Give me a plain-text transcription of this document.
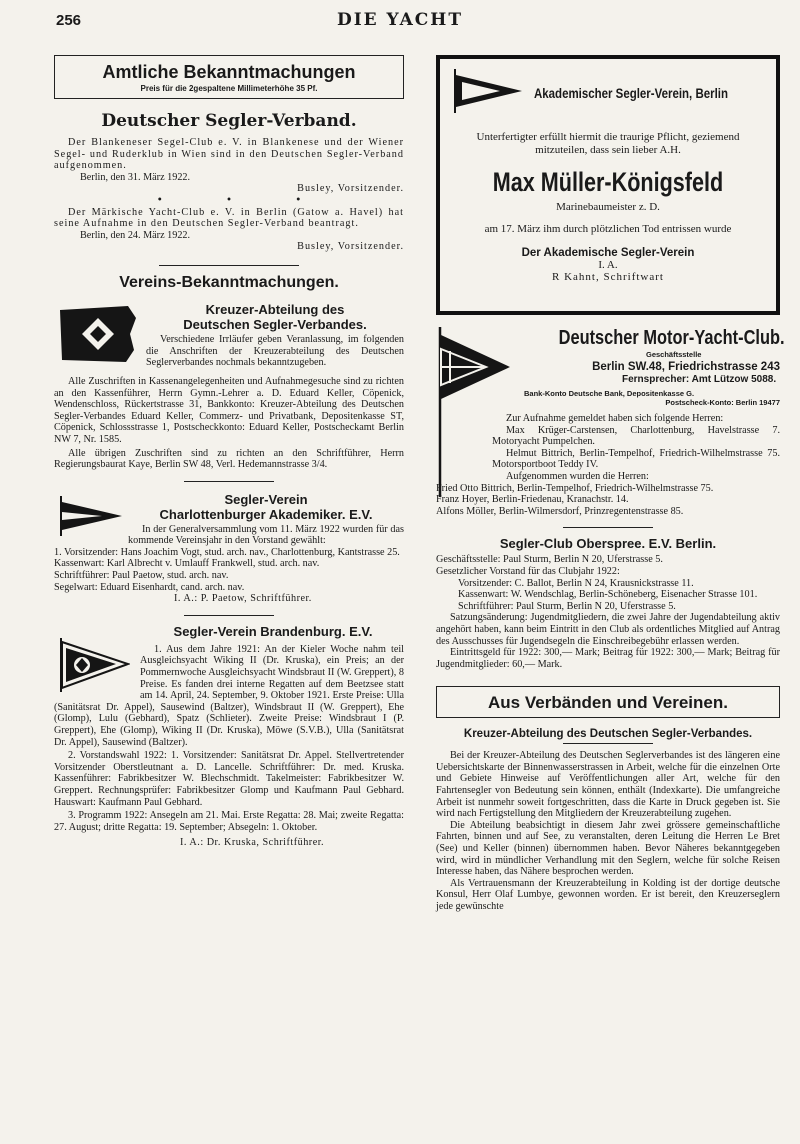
256	DIE YACHT
Amtliche Bekanntmachungen
Preis für die 2gespaltene Millimeterhöhe 35 Pf.
Deutscher Segler-Verband.

Der Blankeneser Segel-Club e. V. in Blankenese und der Wiener Segel- und Ruderklub in Wien sind in den Deutschen Segler-Verband aufgenommen.

Berlin, den 31. März 1922.

Busley, Vorsitzender.

• • •

Der Märkische Yacht-Club e. V. in Berlin (Gatow a. Havel) hat seine Aufnahme in den Deutschen Segler-Verband beantragt.

Berlin, den 24. März 1922.

Busley, Vorsitzender.

Vereins-Bekanntmachungen.
Kreuzer-Abteilung des
Deutschen Segler-Verbandes.

Verschiedene Irrläufer geben Veranlassung, im folgenden die Anschriften der Kreuzerabteilung des Deutschen Seglerverbandes nochmals bekanntzugeben.

Alle Zuschriften in Kassenangelegenheiten und Aufnahmegesuche sind zu richten an den Kassenführer, Herrn Gymn.-Lehrer a. D. Eduard Keller, Cöpenick, Wendenschloss, Rückertstrasse 31, Bankkonto: Kreuzer-Abteilung des Deutschen Segler-Verbandes Eduard Keller, Commerz- und Privatbank, Depositenkasse ST, Cöpenick, Schlossstrasse 1, Postscheckkonto: Eduard Keller, Postscheckamt Berlin NW 7, Nr. 1585.

Alle übrigen Zuschriften sind zu richten an den Schriftführer, Herrn Regierungsbaurat Kaye, Berlin SW 48, Verl. Hedemannstrasse 3/4.

Segler-Verein
Charlottenburger Akademiker. E.V.

In der Generalversammlung vom 11. März 1922 wurden für das kommende Vereinsjahr in den Vorstand gewählt:

1. Vorsitzender: Hans Joachim Vogt, stud. arch. nav., Charlottenburg, Kantstrasse 25.

Kassenwart: Karl Albrecht v. Umlauff Frankwell, stud. arch. nav.

Schriftführer: Paul Paetow, stud. arch. nav.

Segelwart: Eduard Eisenhardt, cand. arch. nav.

I. A.: P. Paetow, Schriftführer.

Segler-Verein Brandenburg. E.V.

1. Aus dem Jahre 1921: An der Kieler Woche nahm teil Ausgleichsyacht Wiking II (Dr. Kruska), ein Preis; an der Pommernwoche Ausgleichsyacht Windsbraut II (W. Greppert), 8 Preise. Es fanden drei interne Regatten auf dem Beetzsee statt am 14. April, 24. September, 9. Oktober 1921. Erste Preise: Ulla (Sanitätsrat Dr. Appel), Sausewind (Baltzer), Windsbraut II (W. Greppert), Ehe (Glomp), Lulu (Gebhard), Spatz (Schlieter). Zweite Preise: Windsbraut I (P. Greppert), Ehe (Glomp), Wiking II (Dr. Kruska), Möwe (S.V.B.), Ulla (Sanitätsrat Dr. Appel), Sausewind (Baltzer).

2. Vorstandswahl 1922: 1. Vorsitzender: Sanitätsrat Dr. Appel. Stellvertretender Vorsitzender Oberstleutnant a. D. Lancelle. Schriftführer: Dr. med. Kruska. Kassenführer: Fabrikbesitzer W. Blechschmidt. Takelmeister: Fabrikbesitzer W. Greppert. Rechnungsprüfer: Fabrikbesitzer Glomp und Kaufmann Paul Gebhard. Hauswart: Kaufmann Paul Gebhard.

3. Programm 1922: Ansegeln am 21. Mai. Erste Regatta: 28. Mai; zweite Regatta: 27. August; dritte Regatta: 19. September; Absegeln: 1. Oktober.

I. A.: Dr. Kruska, Schriftführer.

Akademischer Segler-Verein, Berlin

Unterfertigter erfüllt hiermit die traurige Pflicht, geziemend mitzuteilen, dass sein lieber A.H.

Max Müller-Königsfeld

Marinebaumeister z. D.

am 17. März ihm durch plötzlichen Tod entrissen wurde

Der Akademische Segler-Verein

I. A.

R Kahnt, Schriftwart

Deutscher Motor-Yacht-Club.
Geschäftsstelle
Berlin SW.48, Friedrichstrasse 243
Fernsprecher: Amt Lützow 5088.
Bank-Konto Deutsche Bank, Depositenkasse G.
Postscheck-Konto: Berlin 19477

Zur Aufnahme gemeldet haben sich folgende Herren:

Max Krüger-Carstensen, Charlottenburg, Havelstrasse 7. Motoryacht Pumpelchen.

Helmut Bittrich, Berlin-Tempelhof, Friedrich-Wilhelmstrasse 75. Motorsportboot Teddy IV.

Aufgenommen wurden die Herren:

Fried Otto Bittrich, Berlin-Tempelhof, Friedrich-Wilhelmstrasse 75.

Franz Hoyer, Berlin-Friedenau, Kranachstr. 14.

Alfons Möller, Berlin-Wilmersdorf, Prinzregentenstrasse 85.

Segler-Club Oberspree. E.V. Berlin.

Geschäftsstelle: Paul Sturm, Berlin N 20, Uferstrasse 5.

Gesetzlicher Vorstand für das Clubjahr 1922:

Vorsitzender: C. Ballot, Berlin N 24, Krausnickstrasse 11.

Kassenwart: W. Wendschlag, Berlin-Schöneberg, Eisenacher Strasse 101.

Schriftführer: Paul Sturm, Berlin N 20, Uferstrasse 5.

Satzungsänderung: Jugendmitgliedern, die zwei Jahre der Jugendabteilung aktiv angehört haben, kann beim Eintritt in den Club als ordentliches Mitglied auf Antrag des Ausschusses für Jugendsegeln die Einschreibegebühr erlassen werden.

Eintrittsgeld für 1922: 300,— Mark; Beitrag für 1922: 300,— Mark; Beitrag für Jugendmitglieder: 60,— Mark.

Aus Verbänden und Vereinen.
Kreuzer-Abteilung des Deutschen Segler-Verbandes.

Bei der Kreuzer-Abteilung des Deutschen Seglerverbandes ist des längeren eine Uebersichtskarte der Binnenwasserstrassen in Arbeit, welche für die einzelnen Orte und Gebiete Hinweise auf Veröffentlichungen aller Art, welche für den Fahrtensegler von Bedeutung sein können, enthält (Indexkarte). Die umfangreiche Arbeit ist nunmehr soweit fortgeschritten, dass die Karte in Druck gegeben ist. Sie wird nach Fertigstellung den Mitgliedern der Kreuzerabteilung zugehen.

Die Abteilung beabsichtigt in diesem Jahr zwei grössere gemeinschaftliche Fahrten, binnen und auf See, zu veranstalten, deren Leitung die Herren Le Bret (See) und Keller (binnen) übernommen haben. Bevor Näheres bekanntgegeben wird, wird in mündlicher Verhandlung mit den Seglern, welche für solche Reisen Interesse haben, das Nähere besprochen werden.

Als Vertrauensmann der Kreuzerabteilung in Kolding ist der dortige deutsche Konsul, Herr Olaf Lumbye, gewonnen worden. Er ist bereit, den Kreuzerseglern jede gewünschte
